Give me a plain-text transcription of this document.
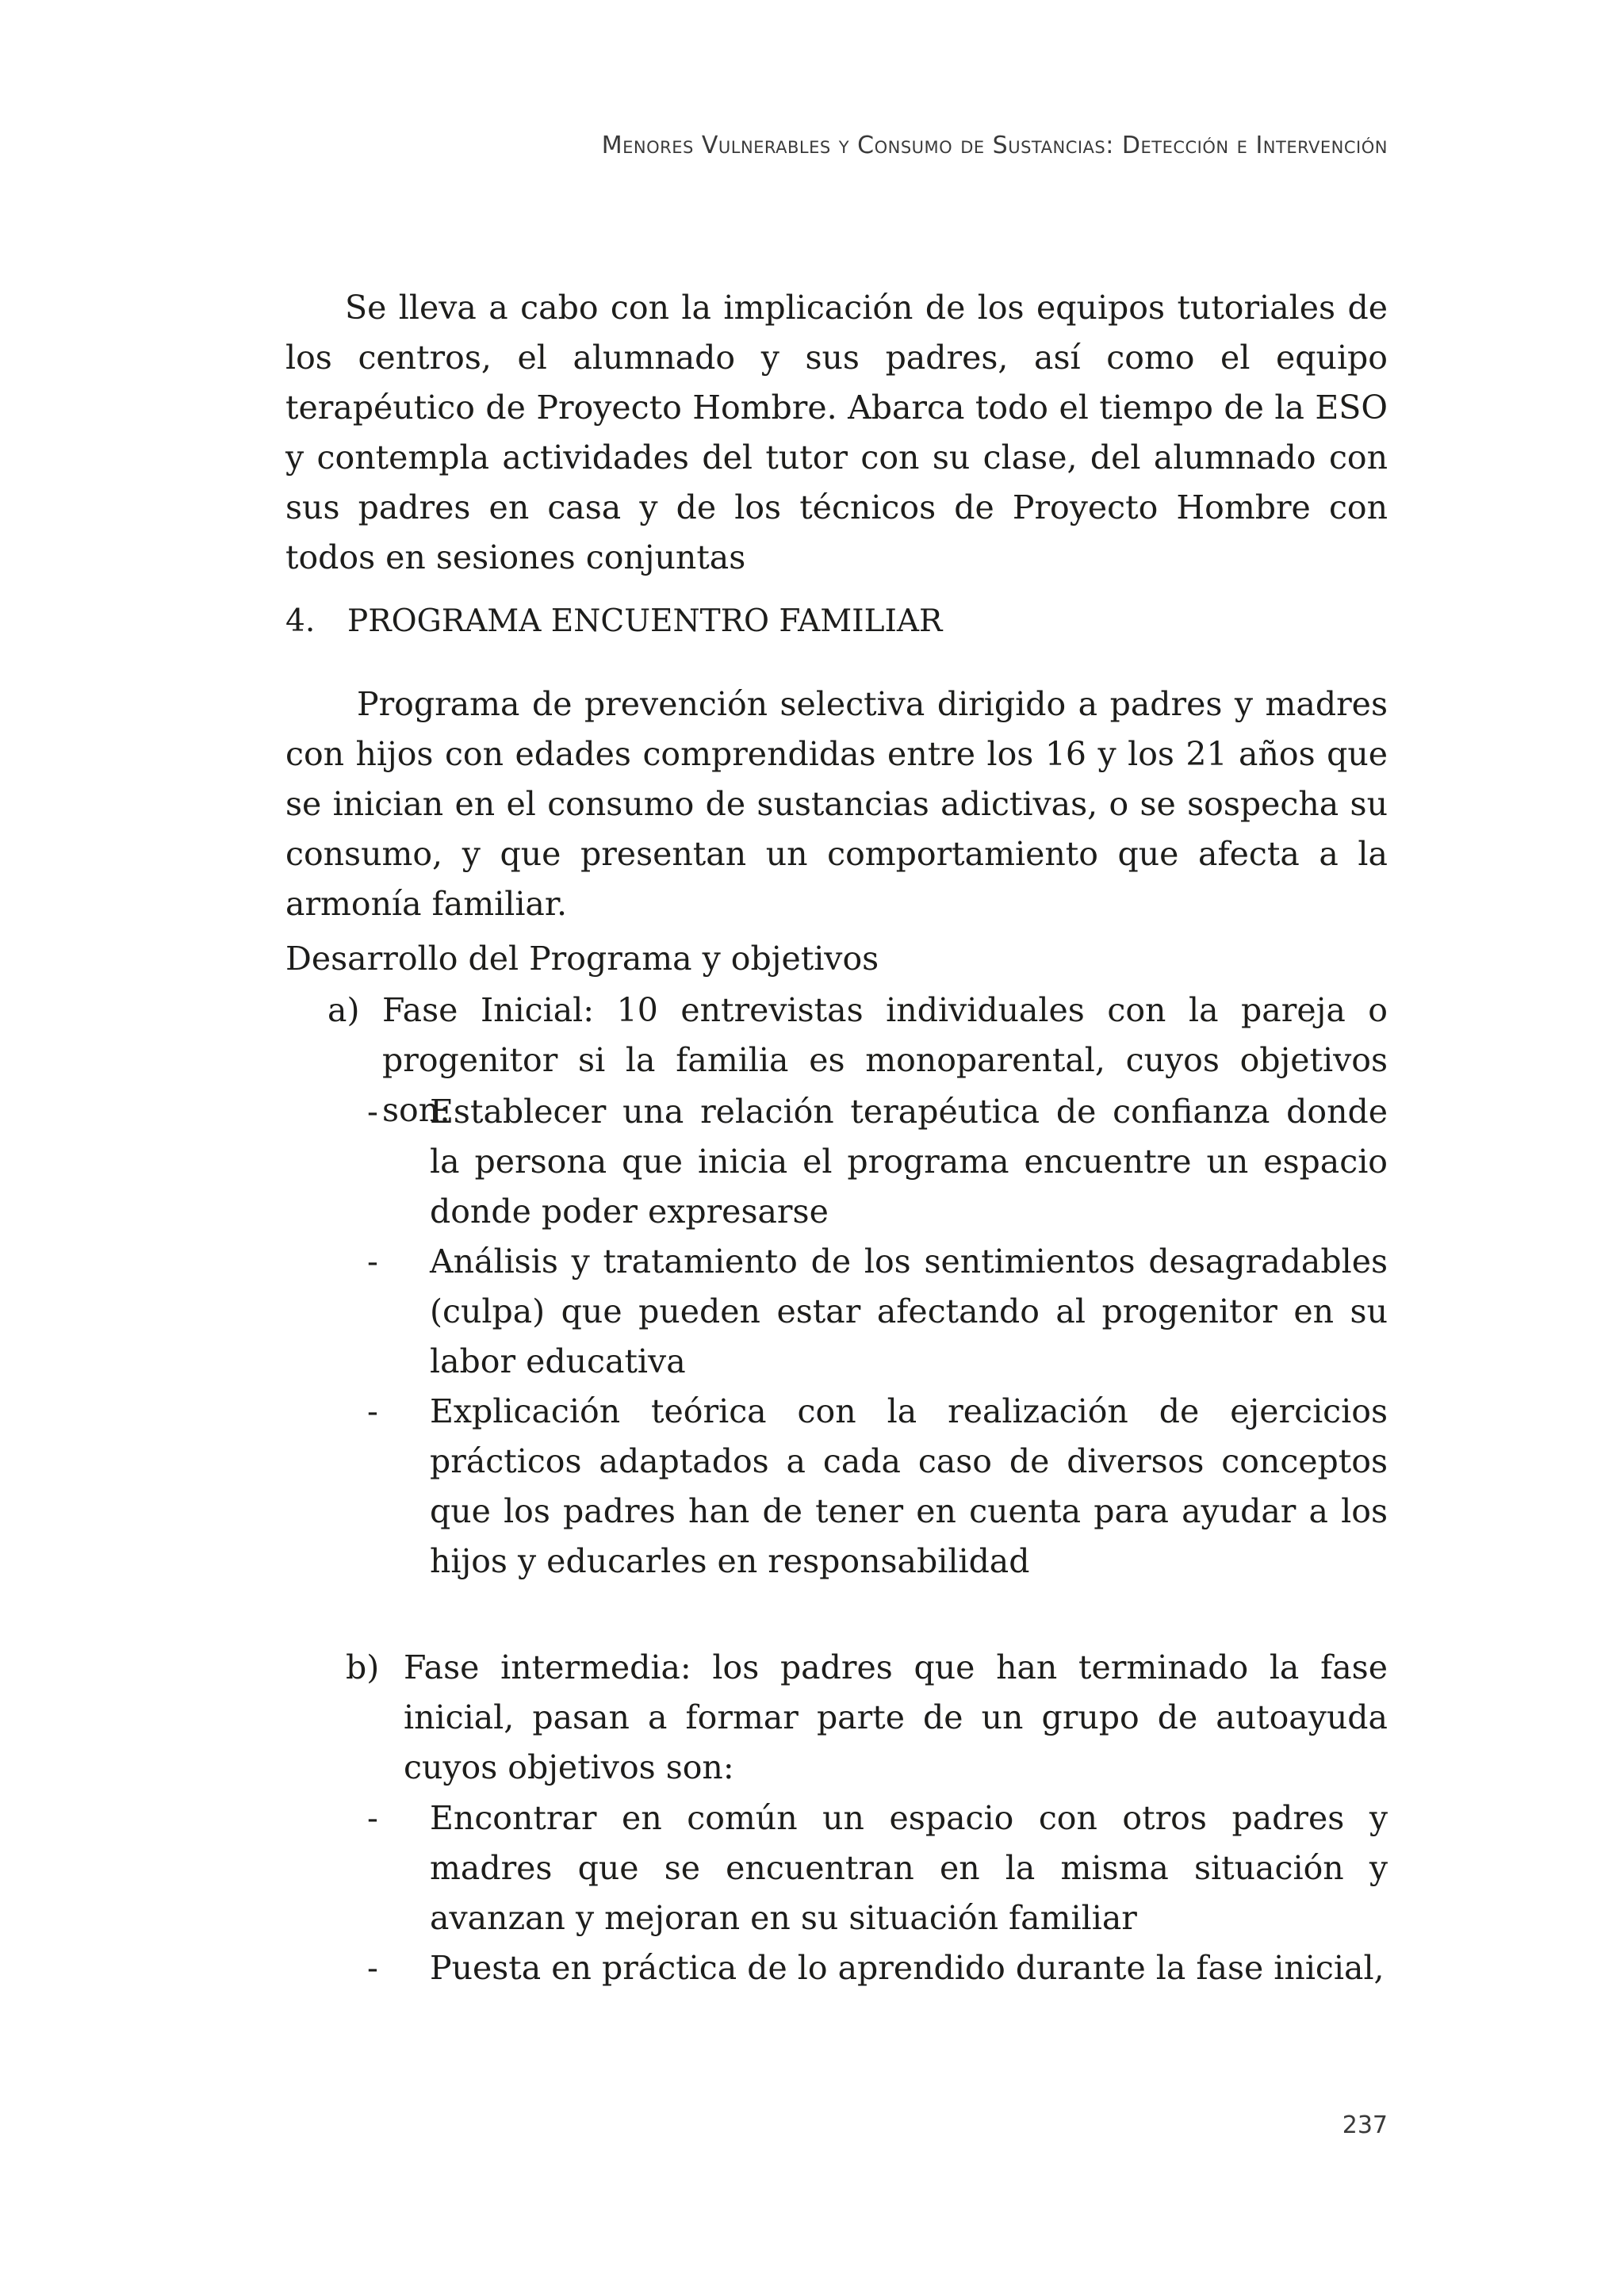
Menores Vulnerables y Consumo de Sustancias: Detección e Intervención

Se lleva a cabo con la implicación de los equipos tutoriales de los centros, el alumnado y sus padres, así como el equipo terapéutico de Proyecto Hombre. Abarca todo el tiempo de la ESO y contempla actividades del tutor con su clase, del alumnado con sus padres en casa y de los técnicos de Proyecto Hombre con todos en sesiones conjuntas

4. PROGRAMA ENCUENTRO FAMILIAR

Programa de prevención selectiva dirigido a padres y madres con hijos con edades comprendidas entre los 16 y los 21 años que se inician en el consumo de sustancias adictivas, o se sospecha su consumo, y que presentan un comportamiento que afecta a la armonía familiar.

Desarrollo del Programa y objetivos
a) Fase Inicial: 10 entrevistas individuales con la pareja o progenitor si la familia es monoparental, cuyos objetivos son:
- Establecer una relación terapéutica de confianza donde la persona que inicia el programa encuentre un espacio donde poder expresarse
- Análisis y tratamiento de los sentimientos desagradables (culpa) que pueden estar afectando al progenitor en su labor educativa
- Explicación teórica con la realización de ejercicios prácticos adaptados a cada caso de diversos conceptos que los padres han de tener en cuenta para ayudar a los hijos y educarles en responsabilidad
b) Fase intermedia: los padres que han terminado la fase inicial, pasan a formar parte de un grupo de autoayuda cuyos objetivos son:
- Encontrar en común un espacio con otros padres y madres que se encuentran en la misma situación y avanzan y mejoran en su situación familiar
- Puesta en práctica de lo aprendido durante la fase inicial,
237
